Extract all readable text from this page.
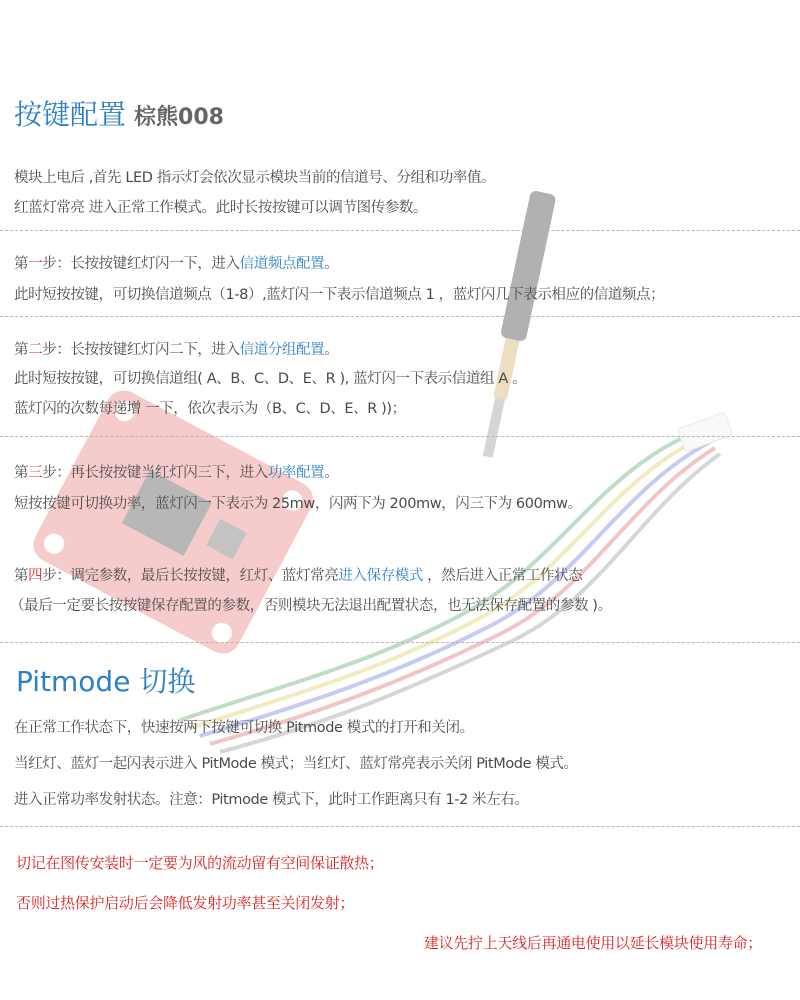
按键配置 棕熊008
模块上电后 ,首先 LED 指示灯会依次显示模块当前的信道号、分组和功率值。
红蓝灯常亮 进入正常工作模式。此时长按按键可以调节图传参数。
第一步：长按按键红灯闪一下，进入信道频点配置。
此时短按按键，可切换信道频点（1-8）,蓝灯闪一下表示信道频点 1 ，蓝灯闪几下表示相应的信道频点；
第二步：长按按键红灯闪二下，进入信道分组配置。
此时短按按键，可切换信道组( A、B、C、D、E、R ), 蓝灯闪一下表示信道组 A 。
蓝灯闪的次数每递增 一下，依次表示为（B、C、D、E、R ))；
第三步：再长按按键当红灯闪三下，进入功率配置。
短按按键可切换功率，蓝灯闪一下表示为 25mw，闪两下为 200mw，闪三下为 600mw。
第四步：调完参数，最后长按按键，红灯、蓝灯常亮进入保存模式 ，然后进入正常工作状态
（最后一定要长按按键保存配置的参数，否则模块无法退出配置状态，也无法保存配置的参数 )。
Pitmode 切换
在正常工作状态下，快速按两下按键可切换 Pitmode 模式的打开和关闭。
当红灯、蓝灯一起闪表示进入 PitMode 模式；当红灯、蓝灯常亮表示关闭 PitMode 模式。
进入正常功率发射状态。注意：Pitmode 模式下，此时工作距离只有 1-2 米左右。
切记在图传安装时一定要为风的流动留有空间保证散热；
否则过热保护启动后会降低发射功率甚至关闭发射；
建议先拧上天线后再通电使用以延长模块使用寿命；
